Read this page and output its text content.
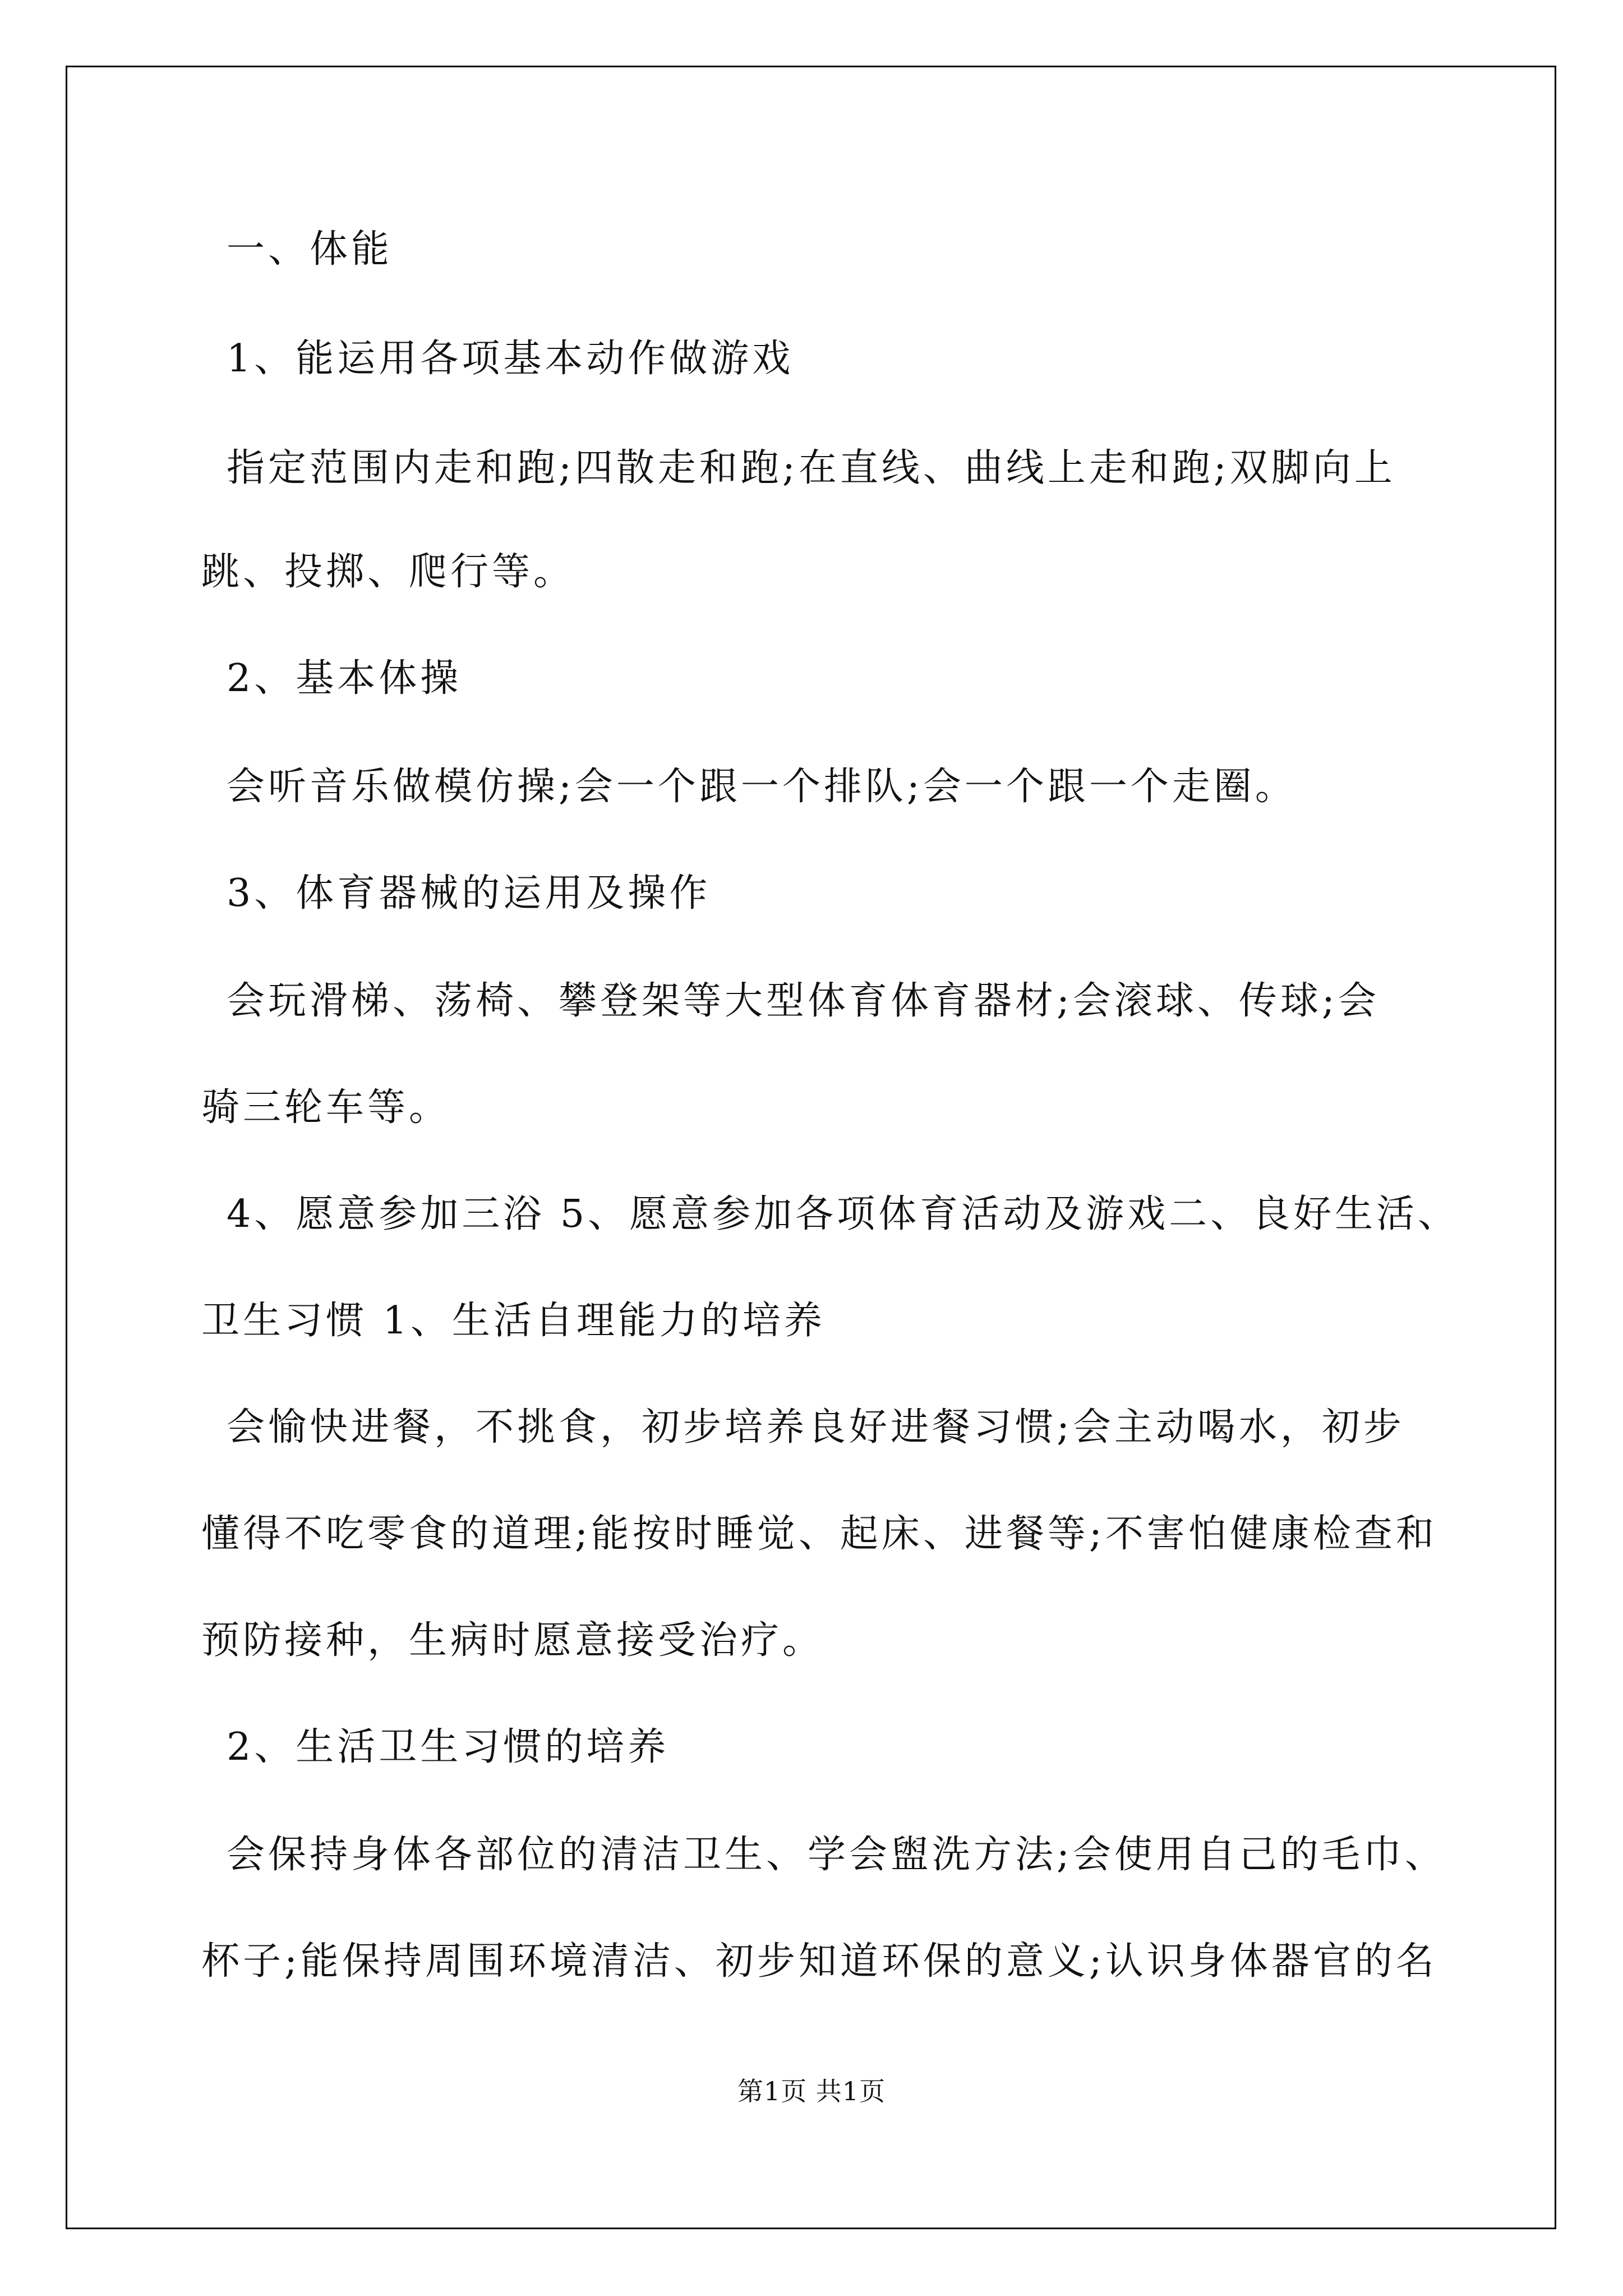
一、体能
1、能运用各项基本动作做游戏
指定范围内走和跑;四散走和跑;在直线、曲线上走和跑;双脚向上
跳、投掷、爬行等。
2、基本体操
会听音乐做模仿操;会一个跟一个排队;会一个跟一个走圈。
3、体育器械的运用及操作
会玩滑梯、荡椅、攀登架等大型体育体育器材;会滚球、传球;会
骑三轮车等。
4、愿意参加三浴 5、愿意参加各项体育活动及游戏二、良好生活、
卫生习惯 1、生活自理能力的培养
会愉快进餐，不挑食，初步培养良好进餐习惯;会主动喝水，初步
懂得不吃零食的道理;能按时睡觉、起床、进餐等;不害怕健康检查和
预防接种，生病时愿意接受治疗。
2、生活卫生习惯的培养
会保持身体各部位的清洁卫生、学会盥洗方法;会使用自己的毛巾、
杯子;能保持周围环境清洁、初步知道环保的意义;认识身体器官的名
第1页 共1页
